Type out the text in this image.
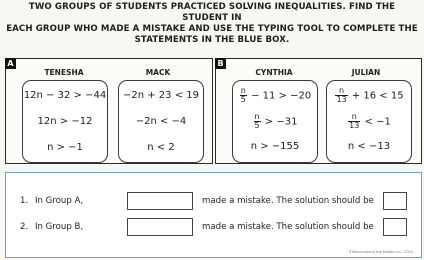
TWO GROUPS OF STUDENTS PRACTICED SOLVING INEQUALITIES. FIND THE STUDENT IN
EACH GROUP WHO MADE A MISTAKE AND USE THE TYPING TOOL TO COMPLETE THE
STATEMENTS IN THE BLUE BOX.
A
TENESHA
12n − 32 > −44
12n > −12
n > −1
MACK
−2n + 23 < 19
−2n < −4
n < 2
B
CYNTHIA
$\frac{n}{5} - 11 > -20$
$\frac{n}{5} > -31$
n > −155
JULIAN
$\frac{n}{13} + 16 < 15$
$\frac{n}{13} < -1$
n < −13
1. In Group A,	made a mistake. The solution should be
2. In Group B,	made a mistake. The solution should be
©Maneuvering the Middle LLC, 2024
